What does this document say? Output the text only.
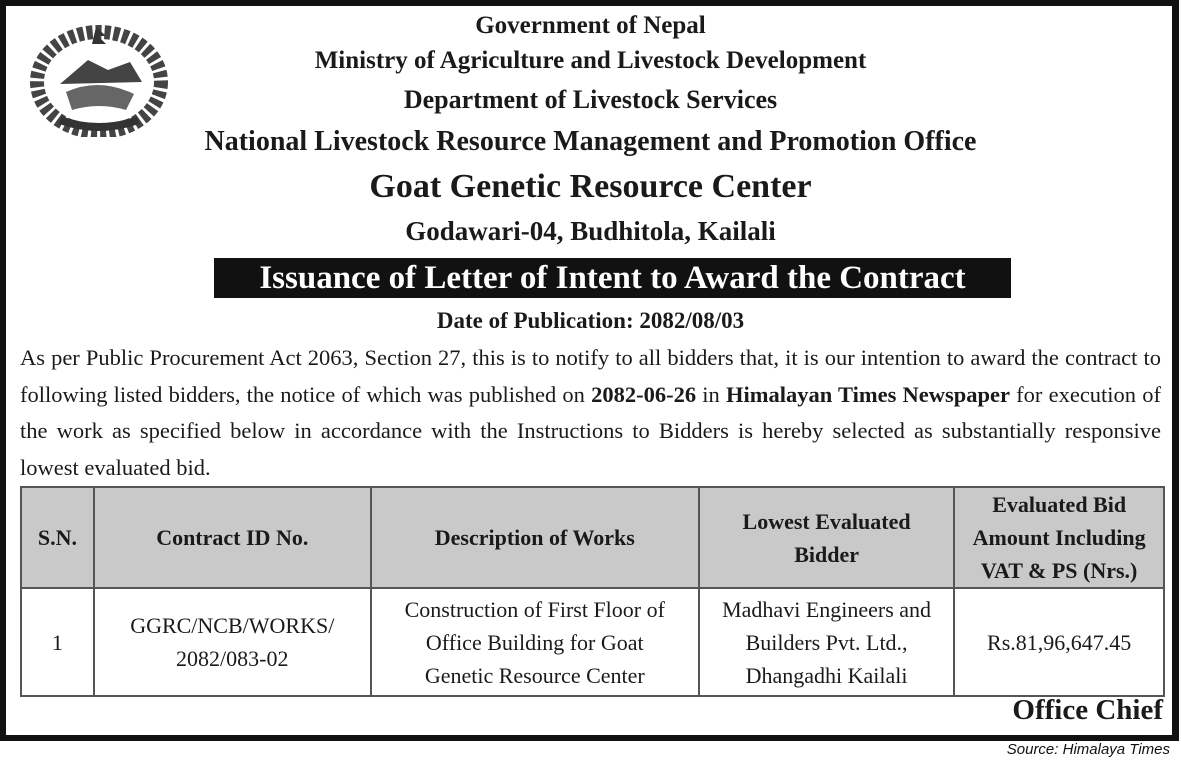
Government of Nepal
Ministry of Agriculture and Livestock Development
Department of Livestock Services
National Livestock Resource Management and Promotion Office
Goat Genetic Resource Center
Godawari-04, Budhitola, Kailali
Issuance of Letter of Intent to Award the Contract
Date of Publication: 2082/08/03
As per Public Procurement Act 2063, Section 27, this is to notify to all bidders that, it is our intention to award the contract to following listed bidders, the notice of which was published on 2082-06-26 in Himalayan Times Newspaper for execution of the work as specified below in accordance with the Instructions to Bidders is hereby selected as substantially responsive lowest evaluated bid.
S.N.	Contract ID No.	Description of Works	Lowest Evaluated Bidder	Evaluated Bid Amount Including VAT & PS (Nrs.)
1	GGRC/NCB/WORKS/ 2082/083-02	Construction of First Floor of Office Building for Goat Genetic Resource Center	Madhavi Engineers and Builders Pvt. Ltd., Dhangadhi Kailali	Rs.81,96,647.45
Office Chief
Source: Himalaya Times
